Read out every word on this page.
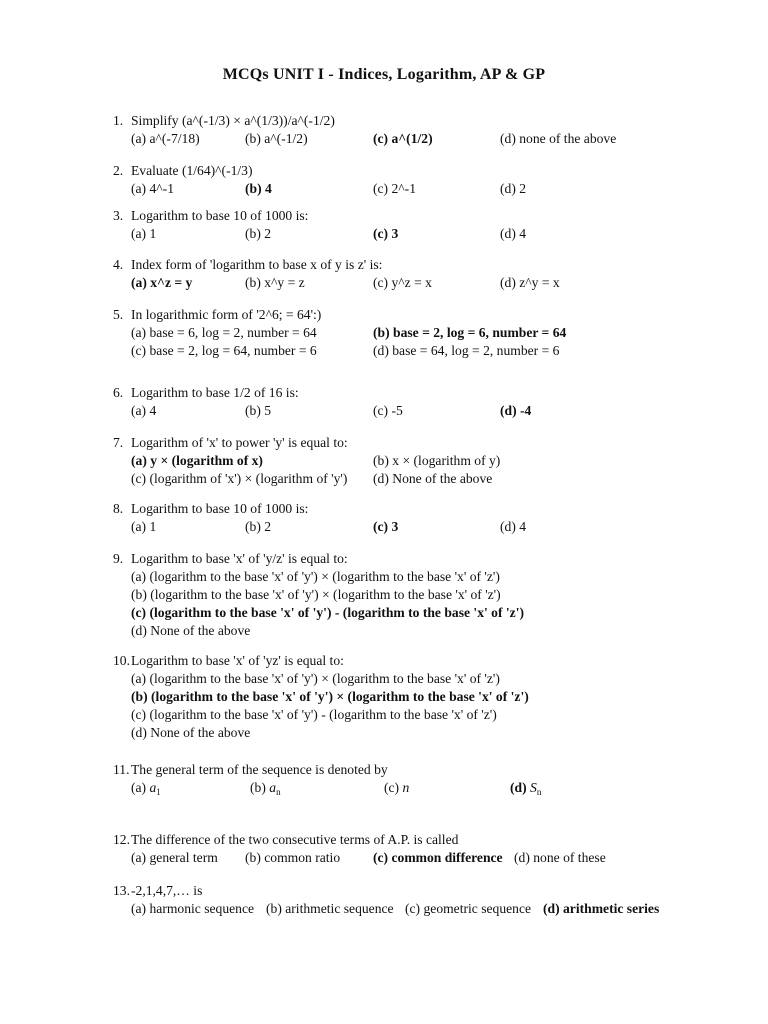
MCQs UNIT I - Indices, Logarithm, AP & GP
1. Simplify (a^(-1/3) × a^(1/3))/a^(-1/2)
(a) a^(-7/18)	(b) a^(-1/2)	(c) a^(1/2)	(d) none of the above
2. Evaluate (1/64)^(-1/3)
(a) 4^-1	(b) 4	(c) 2^-1	(d) 2
3. Logarithm to base 10 of 1000 is:
(a) 1	(b) 2	(c) 3	(d) 4
4. Index form of 'logarithm to base x of y is z' is:
(a) x^z = y	(b) x^y = z	(c) y^z = x	(d) z^y = x
5. In logarithmic form of '2^6; = 64':)
(a) base = 6, log = 2, number = 64	(b) base = 2, log = 6, number = 64
(c) base = 2, log = 64, number = 6	(d) base = 64, log = 2, number = 6
6. Logarithm to base 1/2 of 16 is:
(a) 4	(b) 5	(c) -5	(d) -4
7. Logarithm of 'x' to power 'y' is equal to:
(a) y × (logarithm of x)	(b) x × (logarithm of y)
(c) (logarithm of 'x') × (logarithm of 'y') (d) None of the above
8. Logarithm to base 10 of 1000 is:
(a) 1	(b) 2	(c) 3	(d) 4
9. Logarithm to base 'x' of 'y/z' is equal to:
(a) (logarithm to the base 'x' of 'y') × (logarithm to the base 'x' of 'z')
(b) (logarithm to the base 'x' of 'y') × (logarithm to the base 'x' of 'z')
(c) (logarithm to the base 'x' of 'y') - (logarithm to the base 'x' of 'z')
(d) None of the above
10. Logarithm to base 'x' of 'yz' is equal to:
(a) (logarithm to the base 'x' of 'y') × (logarithm to the base 'x' of 'z')
(b) (logarithm to the base 'x' of 'y') × (logarithm to the base 'x' of 'z')
(c) (logarithm to the base 'x' of 'y') - (logarithm to the base 'x' of 'z')
(d) None of the above
11. The general term of the sequence is denoted by
(a) $a_1$	(b) $a_n$	(c) n	(d) $S_n$
12. The difference of the two consecutive terms of A.P. is called
(a) general term (b) common ratio (c) common difference (d) none of these
13. -2,1,4,7,… is
(a) harmonic sequence (b) arithmetic sequence (c) geometric sequence (d) arithmetic series
